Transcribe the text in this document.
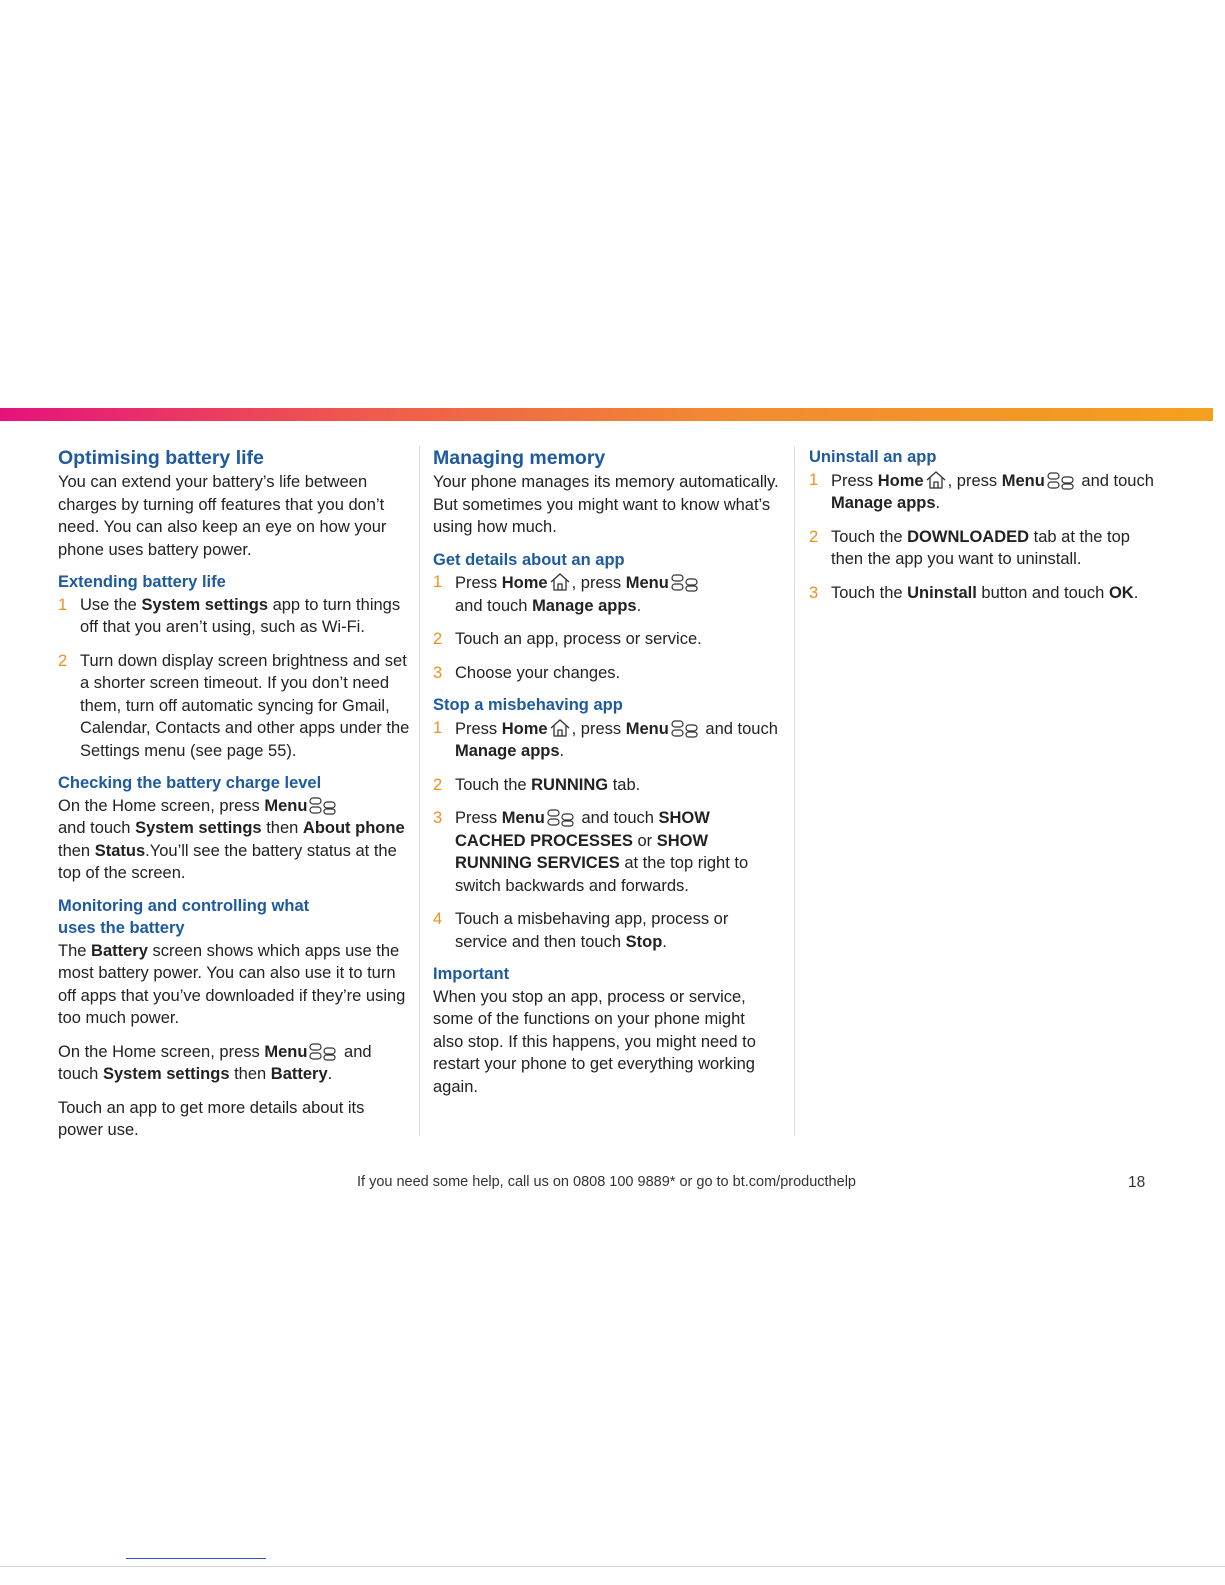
Optimising battery life

You can extend your battery’s life between charges by turning off features that you don’t need. You can also keep an eye on how your phone uses battery power.

Extending battery life
1 Use the System settings app to turn things off that you aren’t using, such as Wi-Fi.
2 Turn down display screen brightness and set a shorter screen timeout. If you don’t need them, turn off automatic syncing for Gmail, Calendar, Contacts and other apps under the Settings menu (see page 55).
Checking the battery charge level

On the Home screen, press Menu
and touch System settings then About phone then Status.You’ll see the battery status at the top of the screen.

Monitoring and controlling what uses the battery

The Battery screen shows which apps use the most battery power. You can also use it to turn off apps that you’ve downloaded if they’re using too much power.

On the Home screen, press Menu and touch System settings then Battery.

Touch an app to get more details about its power use.

Managing memory

Your phone manages its memory automatically. But sometimes you might want to know what’s using how much.

Get details about an app
1 Press Home , press Menu
and touch Manage apps.
2 Touch an app, process or service.
3 Choose your changes.
Stop a misbehaving app
1 Press Home , press Menu and touch Manage apps.
2 Touch the RUNNING tab.
3 Press Menu and touch SHOW CACHED PROCESSES or SHOW RUNNING SERVICES at the top right to switch backwards and forwards.
4 Touch a misbehaving app, process or service and then touch Stop.
Important

When you stop an app, process or service, some of the functions on your phone might also stop. If this happens, you might need to restart your phone to get everything working again.

Uninstall an app
1 Press Home , press Menu and touch
Manage apps.
2 Touch the DOWNLOADED tab at the top then the app you want to uninstall.
3 Touch the Uninstall button and touch OK.
If you need some help, call us on 0808 100 9889* or go to bt.com/producthelp	18
